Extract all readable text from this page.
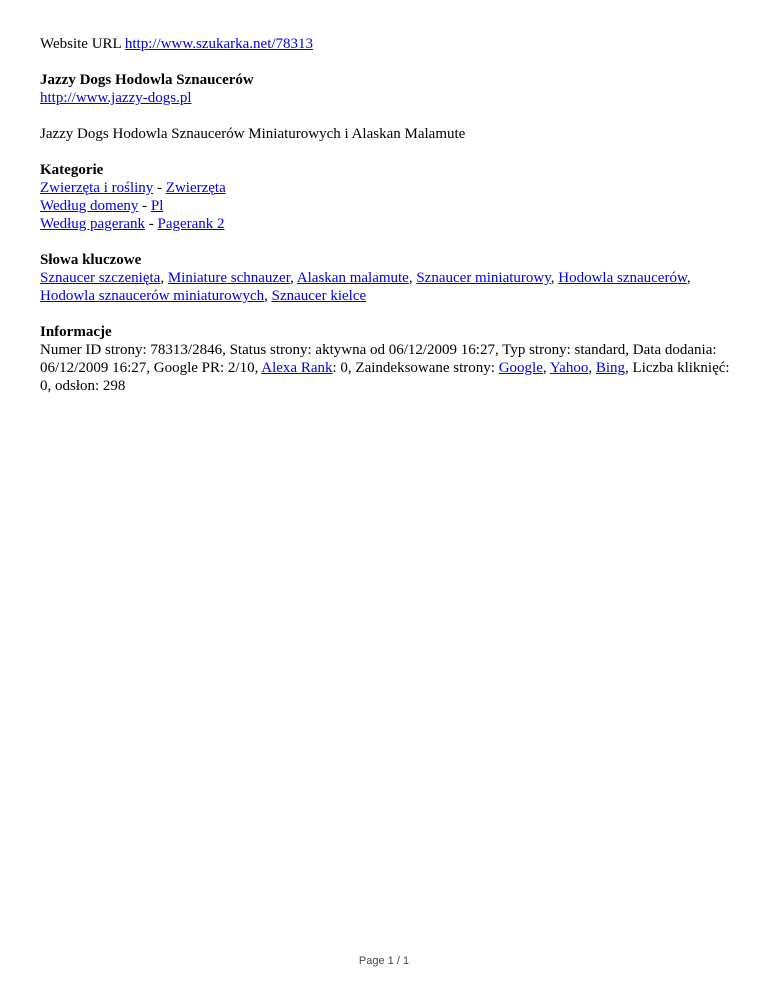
Website URL http://www.szukarka.net/78313
Jazzy Dogs Hodowla Sznaucerów
http://www.jazzy-dogs.pl
Jazzy Dogs Hodowla Sznaucerów Miniaturowych i Alaskan Malamute
Kategorie
Zwierzęta i rośliny - Zwierzęta
Według domeny - Pl
Według pagerank - Pagerank 2
Słowa kluczowe
Sznaucer szczenięta, Miniature schnauzer, Alaskan malamute, Sznaucer miniaturowy, Hodowla sznaucerów, Hodowla sznaucerów miniaturowych, Sznaucer kielce
Informacje
Numer ID strony: 78313/2846, Status strony: aktywna od 06/12/2009 16:27, Typ strony: standard, Data dodania: 06/12/2009 16:27, Google PR: 2/10, Alexa Rank: 0, Zaindeksowane strony: Google, Yahoo, Bing, Liczba kliknięć: 0, odsłon: 298
Page 1 / 1
